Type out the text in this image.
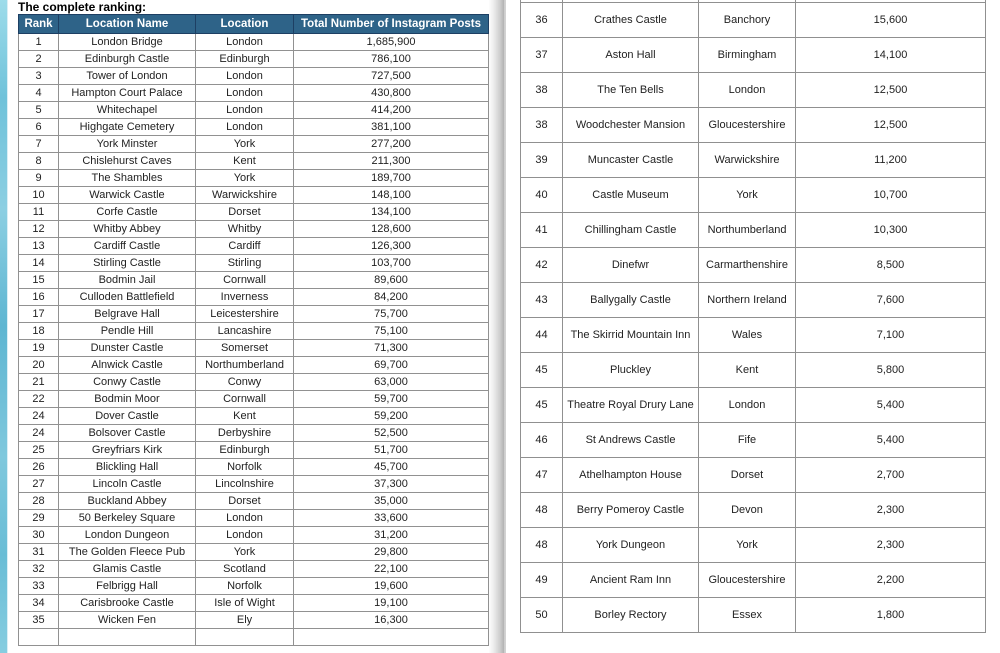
The complete ranking:
Rank	Location Name	Location	Total Number of Instagram Posts
1	London Bridge	London	1,685,900
2	Edinburgh Castle	Edinburgh	786,100
3	Tower of London	London	727,500
4	Hampton Court Palace	London	430,800
5	Whitechapel	London	414,200
6	Highgate Cemetery	London	381,100
7	York Minster	York	277,200
8	Chislehurst Caves	Kent	211,300
9	The Shambles	York	189,700
10	Warwick Castle	Warwickshire	148,100
11	Corfe Castle	Dorset	134,100
12	Whitby Abbey	Whitby	128,600
13	Cardiff Castle	Cardiff	126,300
14	Stirling Castle	Stirling	103,700
15	Bodmin Jail	Cornwall	89,600
16	Culloden Battlefield	Inverness	84,200
17	Belgrave Hall	Leicestershire	75,700
18	Pendle Hill	Lancashire	75,100
19	Dunster Castle	Somerset	71,300
20	Alnwick Castle	Northumberland	69,700
21	Conwy Castle	Conwy	63,000
22	Bodmin Moor	Cornwall	59,700
24	Dover Castle	Kent	59,200
24	Bolsover Castle	Derbyshire	52,500
25	Greyfriars Kirk	Edinburgh	51,700
26	Blickling Hall	Norfolk	45,700
27	Lincoln Castle	Lincolnshire	37,300
28	Buckland Abbey	Dorset	35,000
29	50 Berkeley Square	London	33,600
30	London Dungeon	London	31,200
31	The Golden Fleece Pub	York	29,800
32	Glamis Castle	Scotland	22,100
33	Felbrigg Hall	Norfolk	19,600
34	Carisbrooke Castle	Isle of Wight	19,100
35	Wicken Fen	Ely	16,300

36	Crathes Castle	Banchory	15,600
37	Aston Hall	Birmingham	14,100
38	The Ten Bells	London	12,500
38	Woodchester Mansion	Gloucestershire	12,500
39	Muncaster Castle	Warwickshire	11,200
40	Castle Museum	York	10,700
41	Chillingham Castle	Northumberland	10,300
42	Dinefwr	Carmarthenshire	8,500
43	Ballygally Castle	Northern Ireland	7,600
44	The Skirrid Mountain Inn	Wales	7,100
45	Pluckley	Kent	5,800
45	Theatre Royal Drury Lane	London	5,400
46	St Andrews Castle	Fife	5,400
47	Athelhampton House	Dorset	2,700
48	Berry Pomeroy Castle	Devon	2,300
48	York Dungeon	York	2,300
49	Ancient Ram Inn	Gloucestershire	2,200
50	Borley Rectory	Essex	1,800
